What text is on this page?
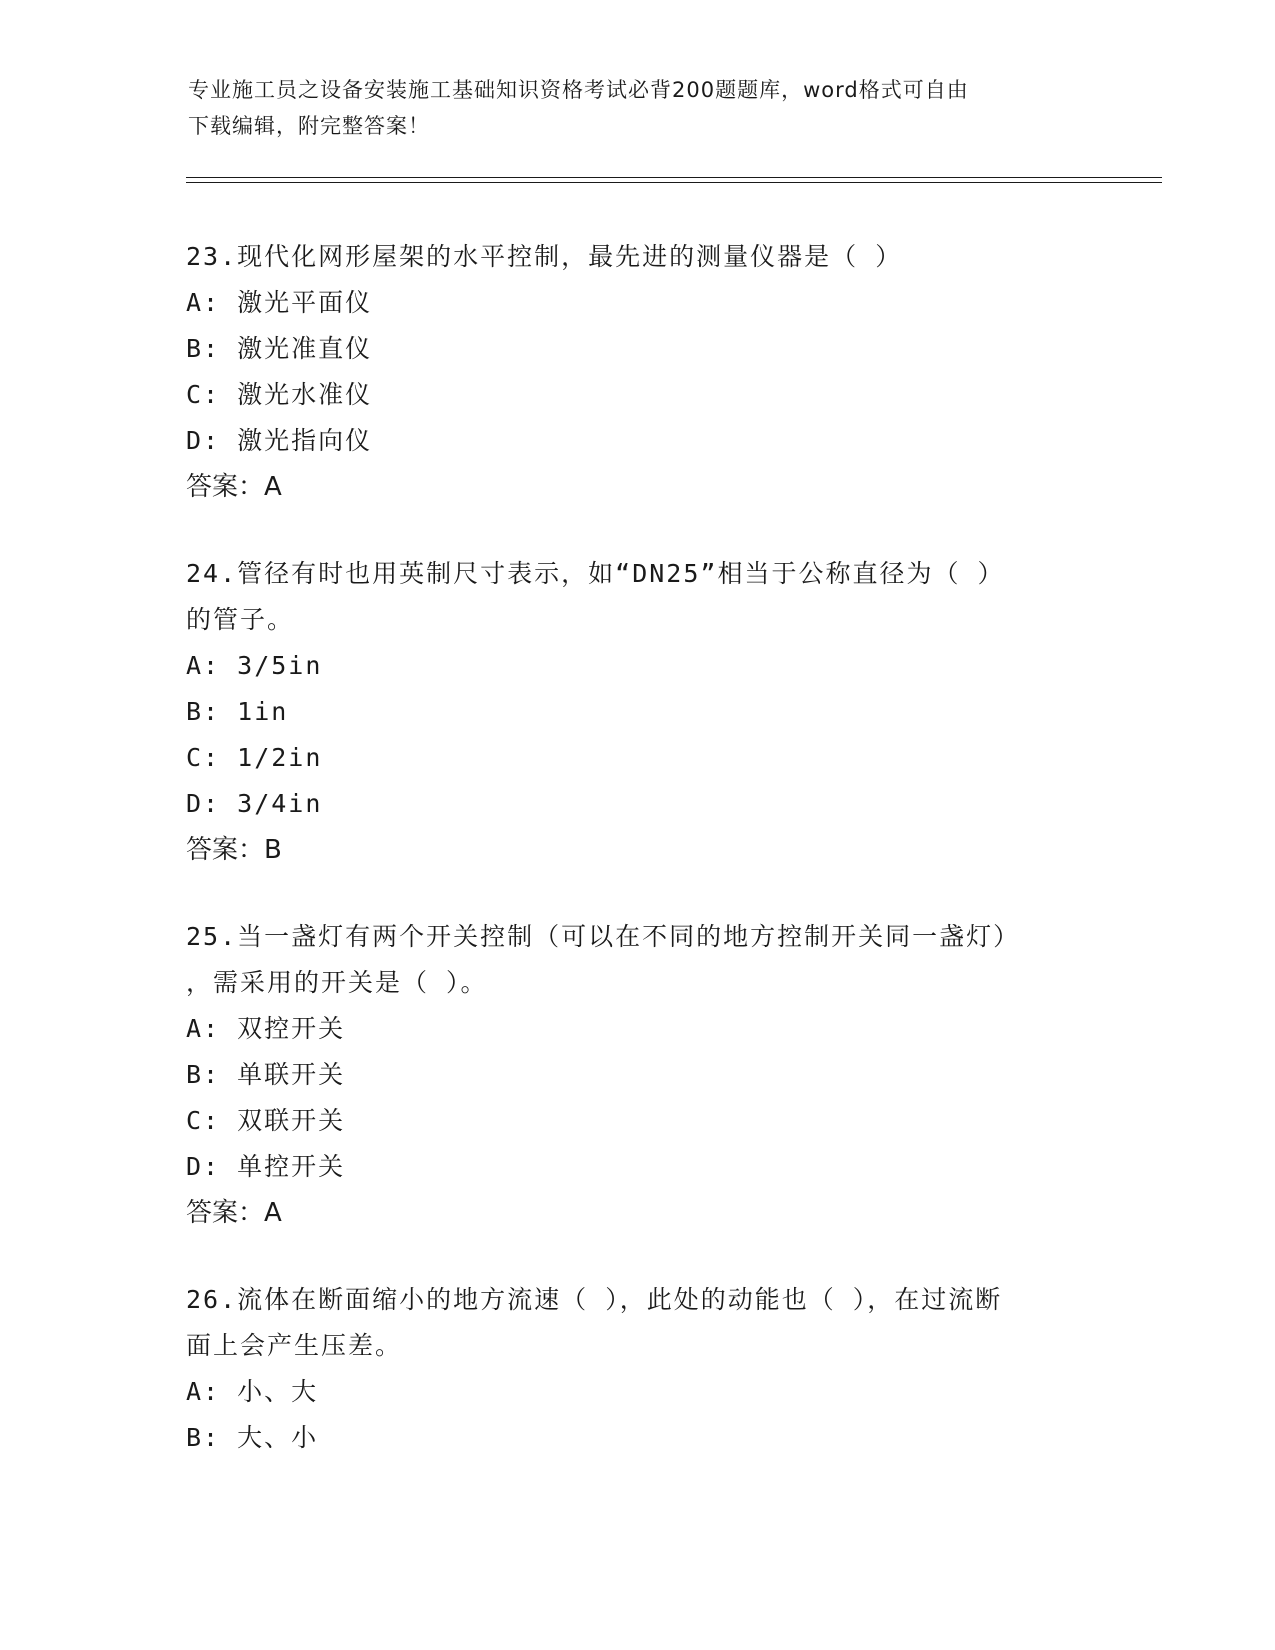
专业施工员之设备安装施工基础知识资格考试必背200题题库，word格式可自由
下载编辑，附完整答案！
23.现代化网形屋架的水平控制，最先进的测量仪器是（ ）
A: 激光平面仪
B: 激光准直仪
C: 激光水准仪
D: 激光指向仪
答案：A
24.管径有时也用英制尺寸表示，如“DN25”相当于公称直径为（ ）
的管子。
A: 3/5in
B: 1in
C: 1/2in
D: 3/4in
答案：B
25.当一盏灯有两个开关控制（可以在不同的地方控制开关同一盏灯）
，需采用的开关是（ ）。
A: 双控开关
B: 单联开关
C: 双联开关
D: 单控开关
答案：A
26.流体在断面缩小的地方流速（ ），此处的动能也（ ），在过流断
面上会产生压差。
A: 小、大
B: 大、小
